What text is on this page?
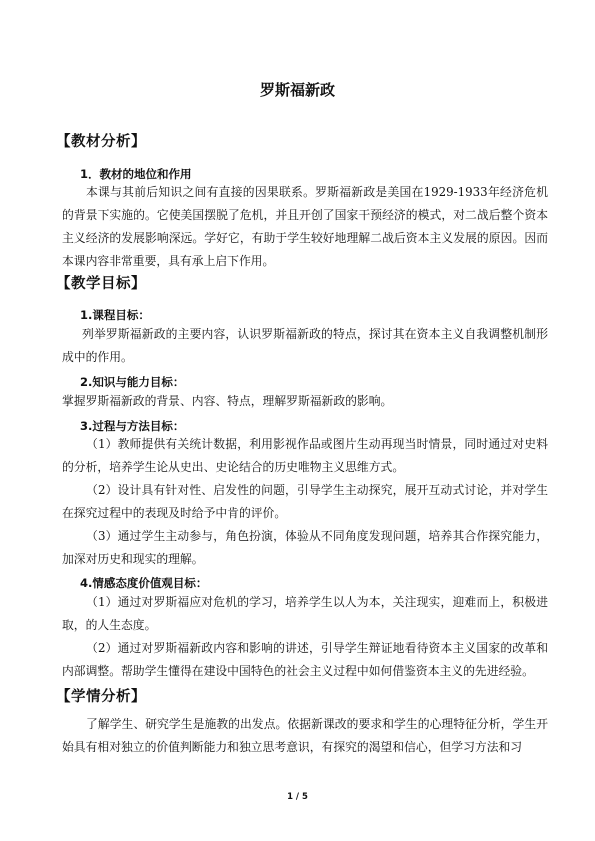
罗斯福新政
【教材分析】
1．教材的地位和作用
本课与其前后知识之间有直接的因果联系。罗斯福新政是美国在1929-1933年经济危机的背景下实施的。它使美国摆脱了危机，并且开创了国家干预经济的模式，对二战后整个资本主义经济的发展影响深远。学好它，有助于学生较好地理解二战后资本主义发展的原因。因而本课内容非常重要，具有承上启下作用。
【教学目标】
1.课程目标：
列举罗斯福新政的主要内容，认识罗斯福新政的特点，探讨其在资本主义自我调整机制形成中的作用。
2.知识与能力目标：
掌握罗斯福新政的背景、内容、特点，理解罗斯福新政的影响。
3.过程与方法目标：
（1）教师提供有关统计数据，利用影视作品或图片生动再现当时情景，同时通过对史料的分析，培养学生论从史出、史论结合的历史唯物主义思维方式。
（2）设计具有针对性、启发性的问题，引导学生主动探究，展开互动式讨论，并对学生在探究过程中的表现及时给予中肯的评价。
（3）通过学生主动参与，角色扮演，体验从不同角度发现问题，培养其合作探究能力，加深对历史和现实的理解。
4.情感态度价值观目标：
（1）通过对罗斯福应对危机的学习，培养学生以人为本，关注现实，迎难而上，积极进取，的人生态度。
（2）通过对罗斯福新政内容和影响的讲述，引导学生辩证地看待资本主义国家的改革和内部调整。帮助学生懂得在建设中国特色的社会主义过程中如何借鉴资本主义的先进经验。
【学情分析】
了解学生、研究学生是施教的出发点。依据新课改的要求和学生的心理特征分析，学生开始具有相对独立的价值判断能力和独立思考意识，有探究的渴望和信心，但学习方法和习
1 / 5
